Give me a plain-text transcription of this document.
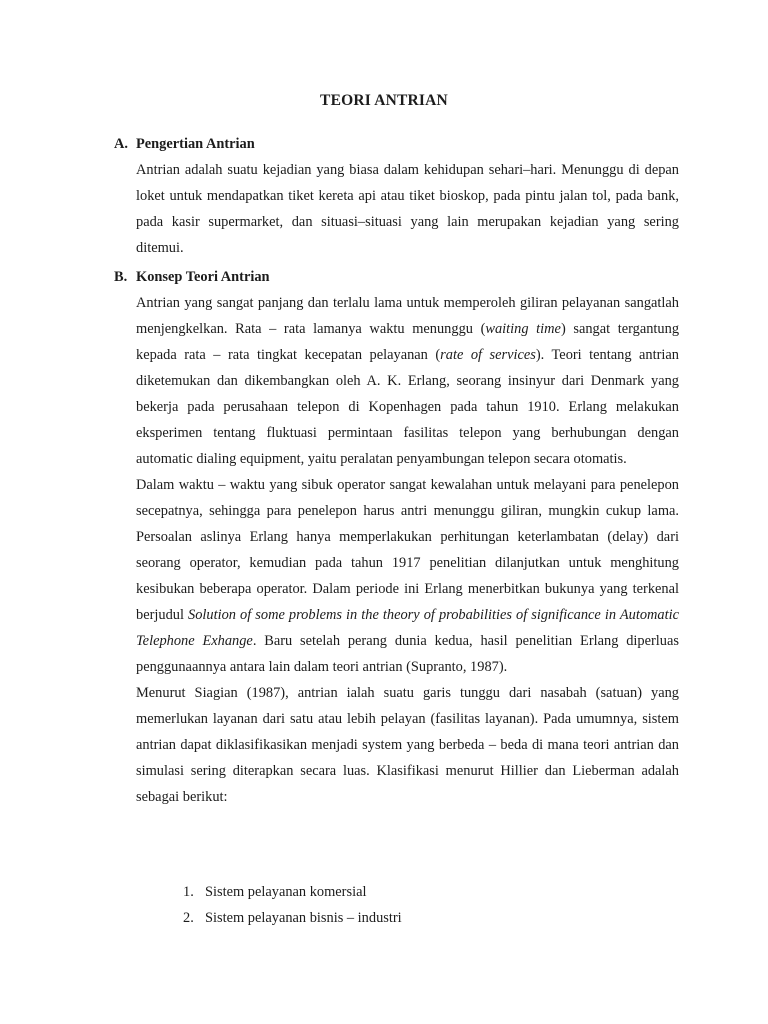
TEORI ANTRIAN
A. Pengertian Antrian

Antrian adalah suatu kejadian yang biasa dalam kehidupan sehari–hari. Menunggu di depan loket untuk mendapatkan tiket kereta api atau tiket bioskop, pada pintu jalan tol, pada bank, pada kasir supermarket, dan situasi–situasi yang lain merupakan kejadian yang sering ditemui.

B. Konsep Teori Antrian

Antrian yang sangat panjang dan terlalu lama untuk memperoleh giliran pelayanan sangatlah menjengkelkan. Rata – rata lamanya waktu menunggu (waiting time) sangat tergantung kepada rata – rata tingkat kecepatan pelayanan (rate of services). Teori tentang antrian diketemukan dan dikembangkan oleh A. K. Erlang, seorang insinyur dari Denmark yang bekerja pada perusahaan telepon di Kopenhagen pada tahun 1910. Erlang melakukan eksperimen tentang fluktuasi permintaan fasilitas telepon yang berhubungan dengan automatic dialing equipment, yaitu peralatan penyambungan telepon secara otomatis.

Dalam waktu – waktu yang sibuk operator sangat kewalahan untuk melayani para penelepon secepatnya, sehingga para penelepon harus antri menunggu giliran, mungkin cukup lama. Persoalan aslinya Erlang hanya memperlakukan perhitungan keterlambatan (delay) dari seorang operator, kemudian pada tahun 1917 penelitian dilanjutkan untuk menghitung kesibukan beberapa operator. Dalam periode ini Erlang menerbitkan bukunya yang terkenal berjudul Solution of some problems in the theory of probabilities of significance in Automatic Telephone Exhange. Baru setelah perang dunia kedua, hasil penelitian Erlang diperluas penggunaannya antara lain dalam teori antrian (Supranto, 1987).

Menurut Siagian (1987), antrian ialah suatu garis tunggu dari nasabah (satuan) yang memerlukan layanan dari satu atau lebih pelayan (fasilitas layanan). Pada umumnya, sistem antrian dapat diklasifikasikan menjadi system yang berbeda – beda di mana teori antrian dan simulasi sering diterapkan secara luas. Klasifikasi menurut Hillier dan Lieberman adalah sebagai berikut:

1. Sistem pelayanan komersial
2. Sistem pelayanan bisnis – industri
